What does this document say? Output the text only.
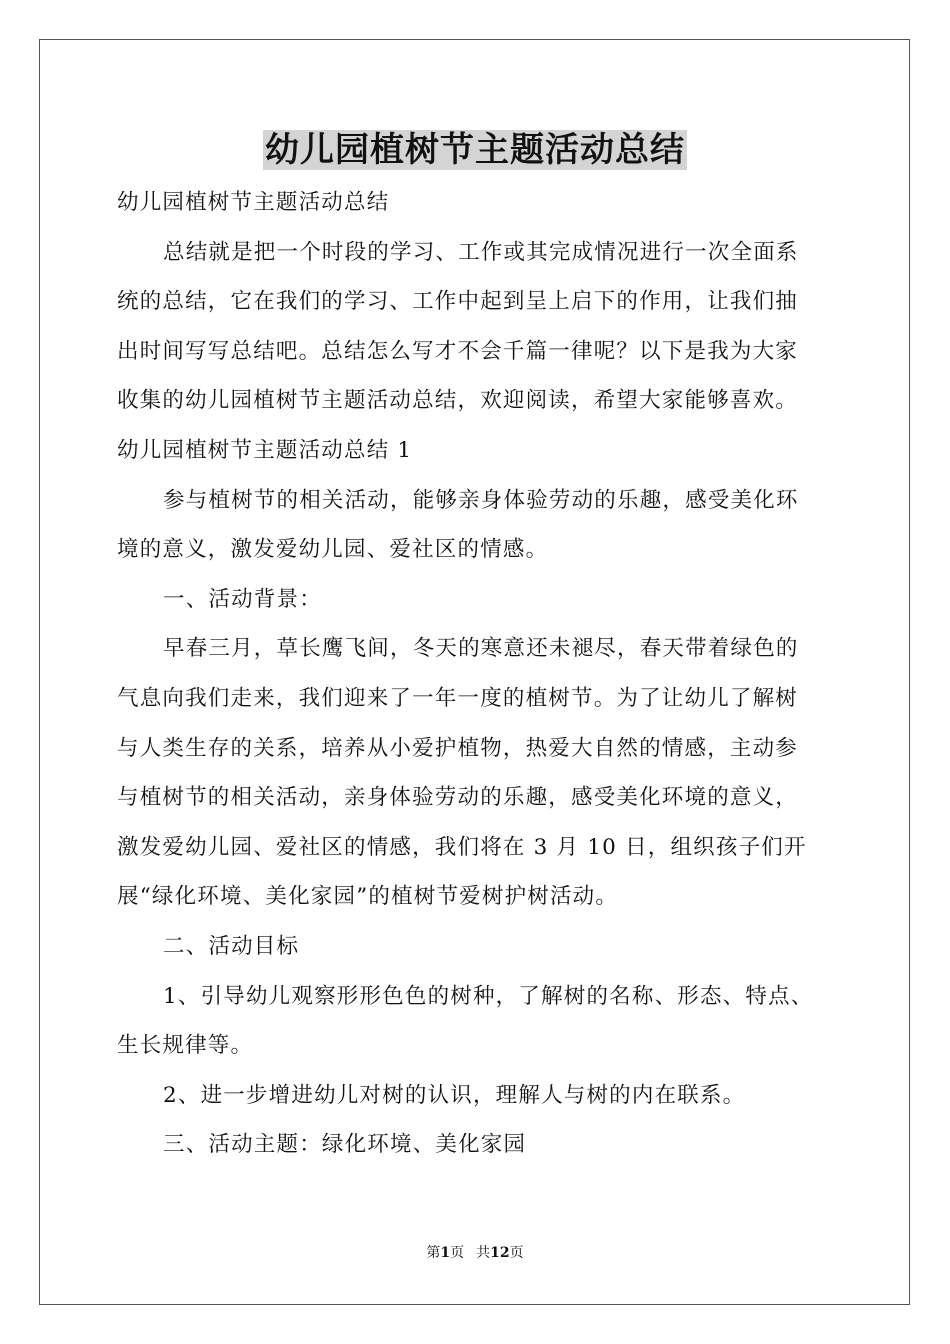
幼儿园植树节主题活动总结

幼儿园植树节主题活动总结

总结就是把一个时段的学习、工作或其完成情况进行一次全面系

统的总结，它在我们的学习、工作中起到呈上启下的作用，让我们抽

出时间写写总结吧。总结怎么写才不会千篇一律呢？以下是我为大家

收集的幼儿园植树节主题活动总结，欢迎阅读，希望大家能够喜欢。

幼儿园植树节主题活动总结 1

参与植树节的相关活动，能够亲身体验劳动的乐趣，感受美化环

境的意义，激发爱幼儿园、爱社区的情感。

一、活动背景：

早春三月，草长鹰飞间，冬天的寒意还未褪尽，春天带着绿色的

气息向我们走来，我们迎来了一年一度的植树节。为了让幼儿了解树

与人类生存的关系，培养从小爱护植物，热爱大自然的情感，主动参

与植树节的相关活动，亲身体验劳动的乐趣，感受美化环境的意义，

激发爱幼儿园、爱社区的情感，我们将在 3 月 10 日，组织孩子们开

展“绿化环境、美化家园”的植树节爱树护树活动。

二、活动目标

1、引导幼儿观察形形色色的树种，了解树的名称、形态、特点、

生长规律等。

2、进一步增进幼儿对树的认识，理解人与树的内在联系。

三、活动主题：绿化环境、美化家园

第1页 共12页
